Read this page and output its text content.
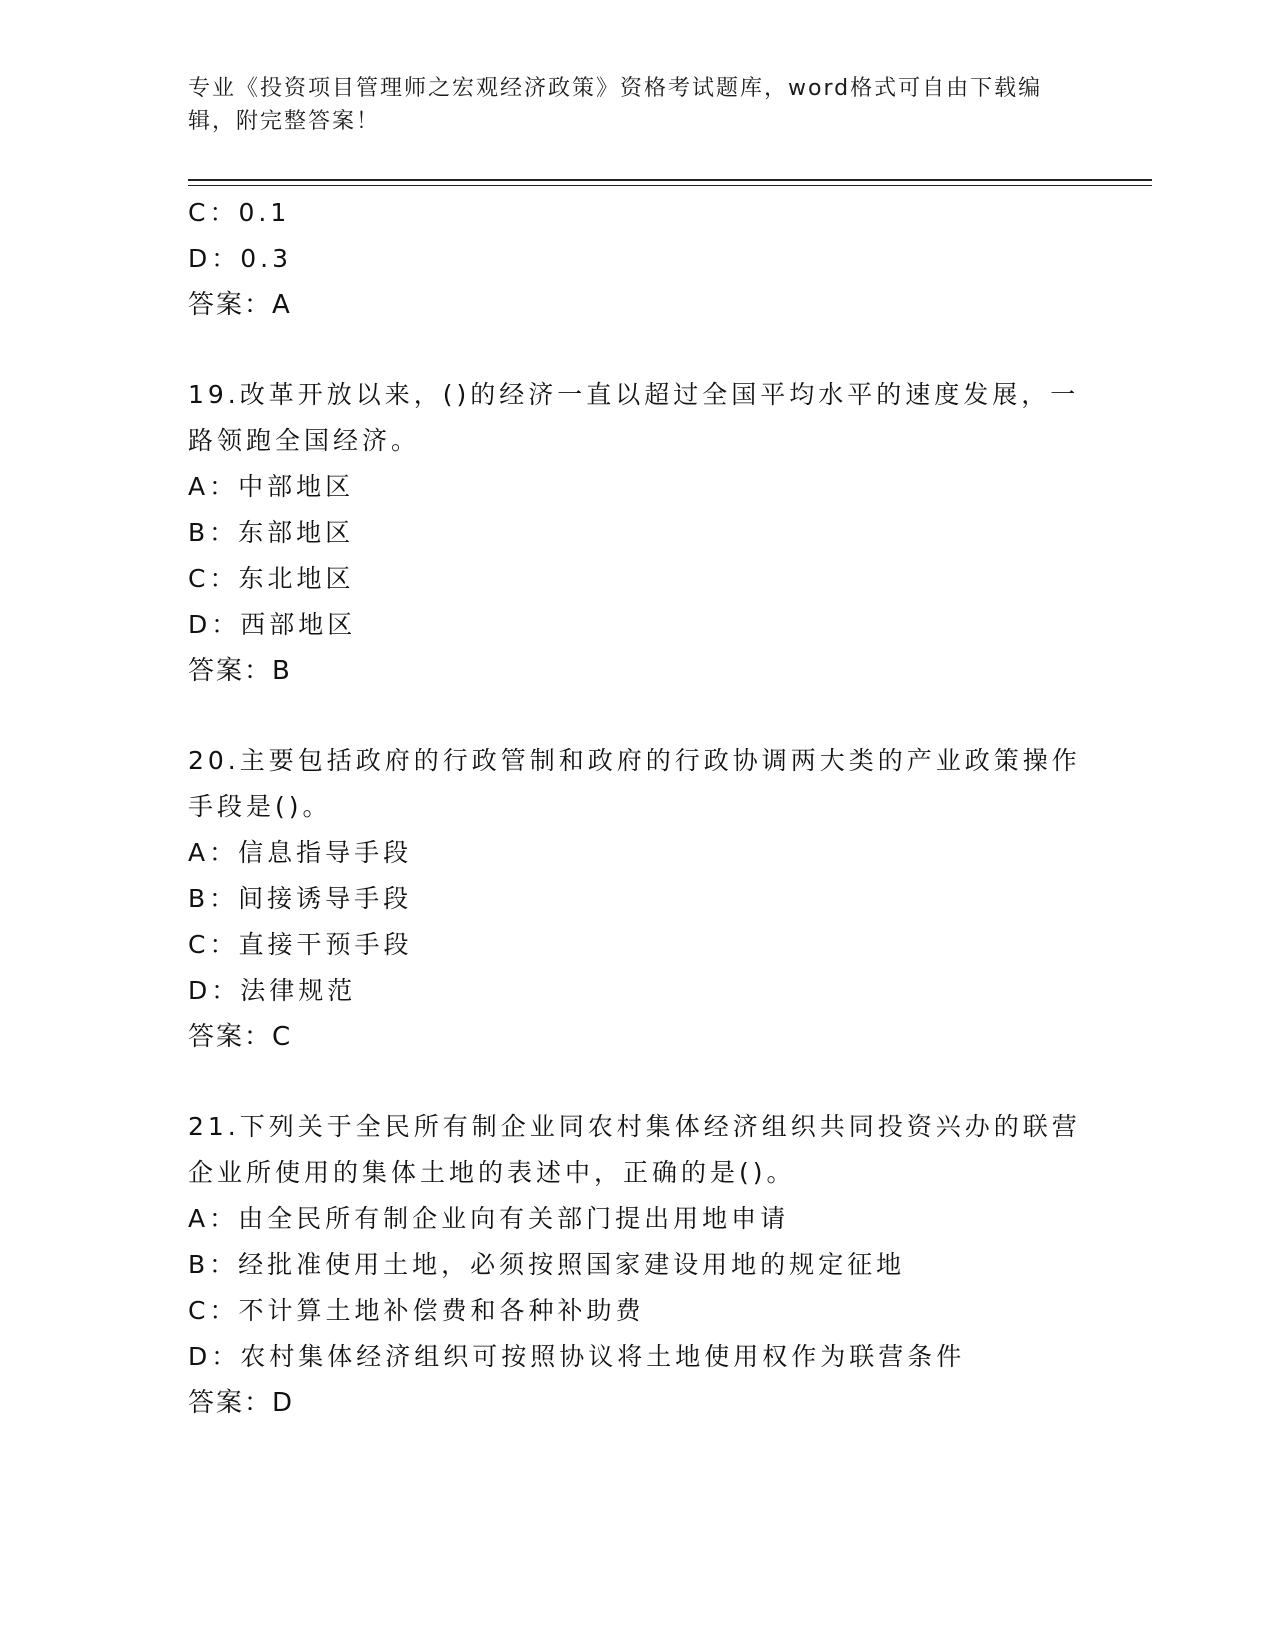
专业《投资项目管理师之宏观经济政策》资格考试题库，word格式可自由下载编辑，附完整答案！
C：0.1
D：0.3
答案：A
19.改革开放以来，()的经济一直以超过全国平均水平的速度发展，一路领跑全国经济。
A：中部地区
B：东部地区
C：东北地区
D：西部地区
答案：B
20.主要包括政府的行政管制和政府的行政协调两大类的产业政策操作手段是()。
A：信息指导手段
B：间接诱导手段
C：直接干预手段
D：法律规范
答案：C
21.下列关于全民所有制企业同农村集体经济组织共同投资兴办的联营企业所使用的集体土地的表述中，正确的是()。
A：由全民所有制企业向有关部门提出用地申请
B：经批准使用土地，必须按照国家建设用地的规定征地
C：不计算土地补偿费和各种补助费
D：农村集体经济组织可按照协议将土地使用权作为联营条件
答案：D
